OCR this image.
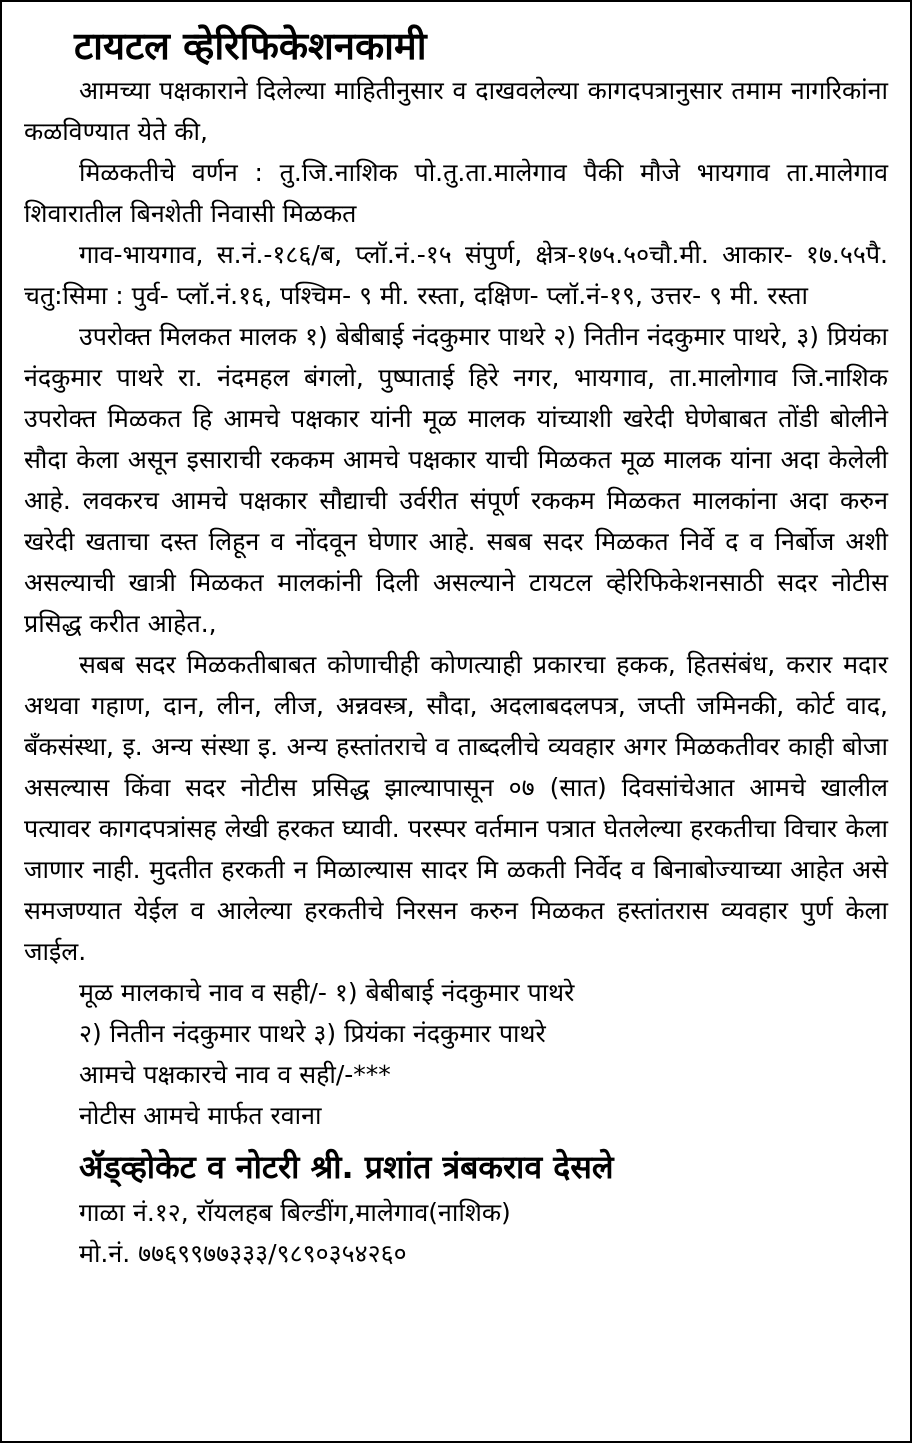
टायटल व्हेरिफिकेशनकामी

आमच्या पक्षकाराने दिलेल्या माहितीनुसार व दाखवलेल्या कागदपत्रानुसार तमाम नागरिकांना कळविण्यात येते की,

मिळकतीचे वर्णन : तु.जि.नाशिक पो.तु.ता.मालेगाव पैकी मौजे भायगाव ता.मालेगाव शिवारातील बिनशेती निवासी मिळकत

गाव-भायगाव, स.नं.-१८६/ब, प्लॉ.नं.-१५ संपुर्ण, क्षेत्र-१७५.५०चौ.मी. आकार- १७.५५पै. चतु:सिमा : पुर्व- प्लॉ.नं.१६, पश्चिम- ९ मी. रस्ता, दक्षिण- प्लॉ.नं-१९, उत्तर- ९ मी. रस्ता

उपरोक्त मिलकत मालक १) बेबीबाई नंदकुमार पाथरे २) नितीन नंदकुमार पाथरे, ३) प्रियंका नंदकुमार पाथरे रा. नंदमहल बंगलो, पुष्पाताई हिरे नगर, भायगाव, ता.मालोगाव जि.नाशिक उपरोक्त मिळकत हि आमचे पक्षकार यांनी मूळ मालक यांच्याशी खरेदी घेणेबाबत तोंडी बोलीने सौदा केला असून इसाराची रककम आमचे पक्षकार याची मिळकत मूळ मालक यांना अदा केलेली आहे. लवकरच आमचे पक्षकार सौद्याची उर्वरीत संपूर्ण रककम मिळकत मालकांना अदा करुन खरेदी खताचा दस्त लिहून व नोंदवून घेणार आहे. सबब सदर मिळकत निर्वे द व निर्बोज अशी असल्याची खात्री मिळकत मालकांनी दिली असल्याने टायटल व्हेरिफिकेशनसाठी सदर नोटीस प्रसिद्ध करीत आहेत.,

सबब सदर मिळकतीबाबत कोणाचीही कोणत्याही प्रकारचा हकक, हितसंबंध, करार मदार अथवा गहाण, दान, लीन, लीज, अन्नवस्त्र, सौदा, अदलाबदलपत्र, जप्ती जमिनकी, कोर्ट वाद, बँकसंस्था, इ. अन्य संस्था इ. अन्य हस्तांतराचे व ताब्दलीचे व्यवहार अगर मिळकतीवर काही बोजा असल्यास किंवा सदर नोटीस प्रसिद्ध झाल्यापासून ०७ (सात) दिवसांचेआत आमचे खालील पत्यावर कागदपत्रांसह लेखी हरकत घ्यावी. परस्पर वर्तमान पत्रात घेतलेल्या हरकतीचा विचार केला जाणार नाही. मुदतीत हरकती न मिळाल्यास सादर मि ळकती निर्वेद व बिनाबोज्याच्या आहेत असे समजण्यात येईल व आलेल्या हरकतीचे निरसन करुन मिळकत हस्तांतरास व्यवहार पुर्ण केला जाईल.

मूळ मालकाचे नाव व सही/- १) बेबीबाई नंदकुमार पाथरे
२) नितीन नंदकुमार पाथरे ३) प्रियंका नंदकुमार पाथरे
आमचे पक्षकारचे नाव व सही/-***
नोटीस आमचे मार्फत रवाना
ॲड्व्होकेट व नोटरी श्री. प्रशांत त्रंबकराव देसले
गाळा नं.१२, रॉयलहब बिल्डींग,मालेगाव(नाशिक)
मो.नं. ७७६९९७७३३३/९८९०३५४२६०
